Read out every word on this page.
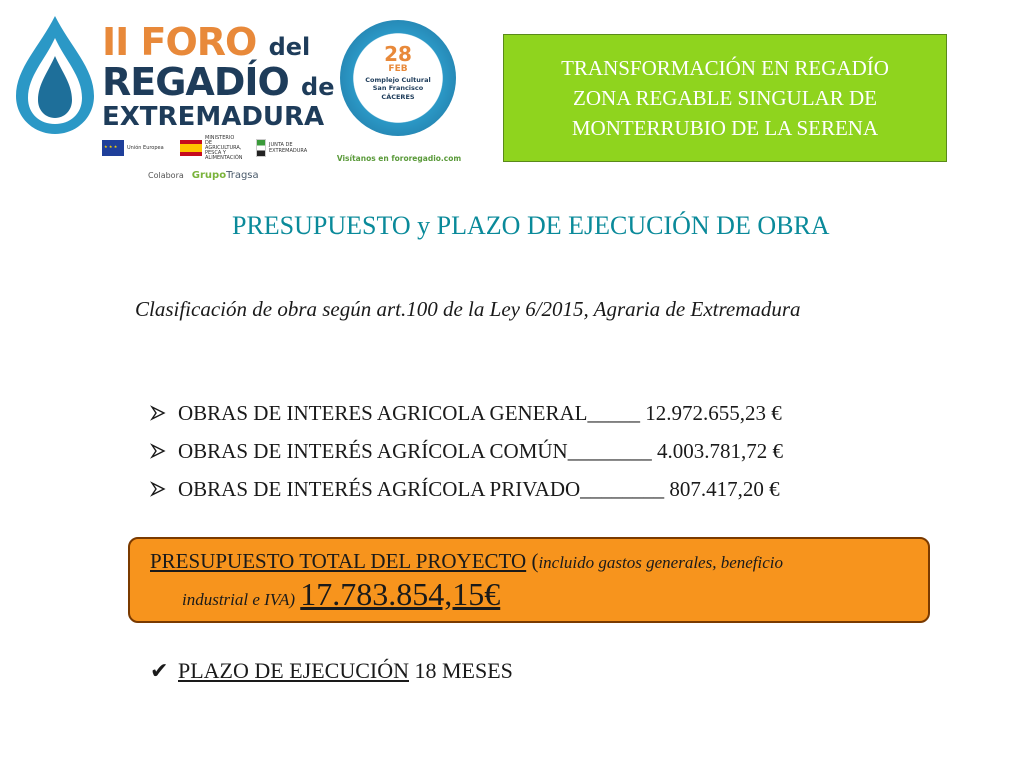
II FORO del
REGADÍO de
EXTREMADURA
★ ★ ★
Unión Europea
MINISTERIO DE AGRICULTURA, PESCA Y ALIMENTACIÓN
JUNTA DE EXTREMADURA
Colabora GrupoTragsa
28
FEB
Complejo Cultural San Francisco
CÁCERES
Visítanos en fororegadio.com
TRANSFORMACIÓN EN REGADÍO
ZONA REGABLE SINGULAR DE
MONTERRUBIO DE LA SERENA
PRESUPUESTO y PLAZO DE EJECUCIÓN DE OBRA
Clasificación de obra según art.100 de la Ley 6/2015, Agraria de Extremadura
OBRAS DE INTERES AGRICOLA GENERAL_____
12.972.655,23 €
OBRAS DE INTERÉS AGRÍCOLA COMÚN________
4.003.781,72 €
OBRAS DE INTERÉS AGRÍCOLA PRIVADO________
807.417,20 €
PRESUPUESTO TOTAL DEL PROYECTO (incluido gastos generales, beneficio
industrial e IVA) 17.783.854,15€
✔ PLAZO DE EJECUCIÓN
18 MESES
